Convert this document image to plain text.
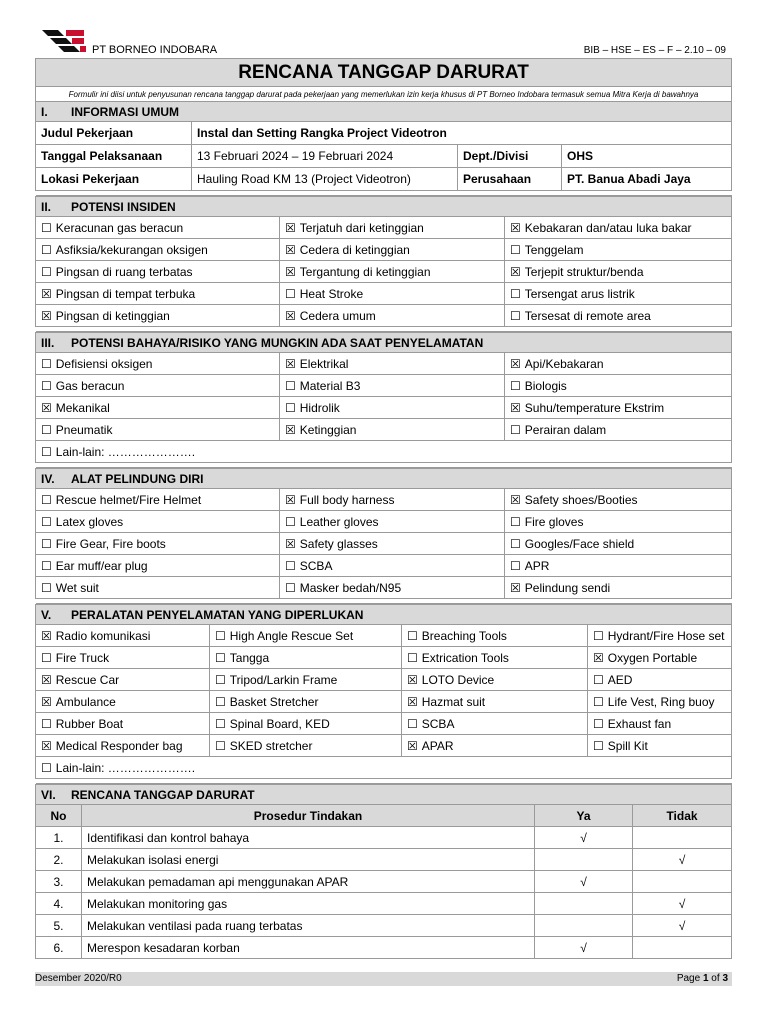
PT BORNEO INDOBARA	BIB – HSE – ES – F – 2.10 – 09
RENCANA TANGGAP DARURAT
Formulir ini diisi untuk penyusunan rencana tanggap darurat pada pekerjaan yang memerlukan izin kerja khusus di PT Borneo Indobara termasuk semua Mitra Kerja di bawahnya
I. INFORMASI UMUM			
Judul Pekerjaan	Instal dan Setting Rangka Project Videotron		
Tanggal Pelaksanaan	13 Februari 2024 – 19 Februari 2024	Dept./Divisi	OHS
Lokasi Pekerjaan	Hauling Road KM 13 (Project Videotron)	Perusahaan	PT. Banua Abadi Jaya

II. POTENSI INSIDEN		
☐ Keracunan gas beracun	☒ Terjatuh dari ketinggian	☒ Kebakaran dan/atau luka bakar
☐ Asfiksia/kekurangan oksigen	☒ Cedera di ketinggian	☐ Tenggelam
☐ Pingsan di ruang terbatas	☒ Tergantung di ketinggian	☒ Terjepit struktur/benda
☒ Pingsan di tempat terbuka	☐ Heat Stroke	☐ Tersengat arus listrik
☒ Pingsan di ketinggian	☒ Cedera umum	☐ Tersesat di remote area

III. POTENSI BAHAYA/RISIKO YANG MUNGKIN ADA SAAT PENYELAMATAN		
☐ Defisiensi oksigen	☒ Elektrikal	☒ Api/Kebakaran
☐ Gas beracun	☐ Material B3	☐ Biologis
☒ Mekanikal	☐ Hidrolik	☒ Suhu/temperature Ekstrim
☐ Pneumatik	☒ Ketinggian	☐ Perairan dalam
☐ Lain-lain: ………………….		

IV. ALAT PELINDUNG DIRI		
☐ Rescue helmet/Fire Helmet	☒ Full body harness	☒ Safety shoes/Booties
☐ Latex gloves	☐ Leather gloves	☐ Fire gloves
☐ Fire Gear, Fire boots	☒ Safety glasses	☐ Googles/Face shield
☐ Ear muff/ear plug	☐ SCBA	☐ APR
☐ Wet suit	☐ Masker bedah/N95	☒ Pelindung sendi

V. PERALATAN PENYELAMATAN YANG DIPERLUKAN			
☒ Radio komunikasi	☐ High Angle Rescue Set	☐ Breaching Tools	☐ Hydrant/Fire Hose set
☐ Fire Truck	☐ Tangga	☐ Extrication Tools	☒ Oxygen Portable
☒ Rescue Car	☐ Tripod/Larkin Frame	☒ LOTO Device	☐ AED
☒ Ambulance	☐ Basket Stretcher	☒ Hazmat suit	☐ Life Vest, Ring buoy
☐ Rubber Boat	☐ Spinal Board, KED	☐ SCBA	☐ Exhaust fan
☒ Medical Responder bag	☐ SKED stretcher	☒ APAR	☐ Spill Kit
☐ Lain-lain: ………………….			

VI. RENCANA TANGGAP DARURAT			
No	Prosedur Tindakan	Ya	Tidak
1.	Identifikasi dan kontrol bahaya	√	
2.	Melakukan isolasi energi		√
3.	Melakukan pemadaman api menggunakan APAR	√	
4.	Melakukan monitoring gas		√
5.	Melakukan ventilasi pada ruang terbatas		√
6.	Merespon kesadaran korban	√	
Desember 2020/R0	Page 1 of 3
